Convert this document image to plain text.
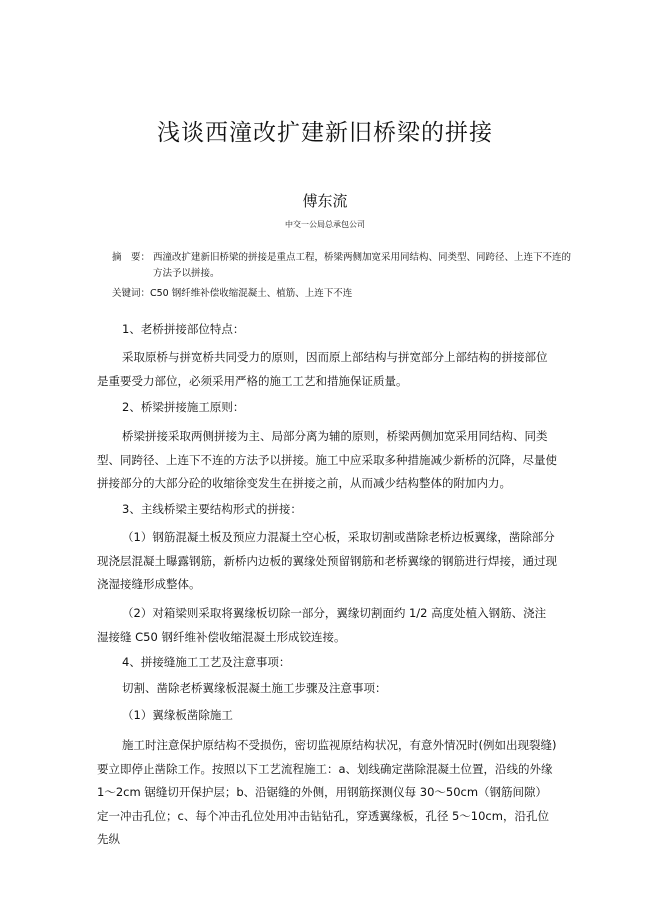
浅谈西潼改扩建新旧桥梁的拼接
傅东流
中交一公局总承包公司
摘　要： 西潼改扩建新旧桥梁的拼接是重点工程，桥梁两侧加宽采用同结构、同类型、同跨径、上连下不连的方法予以拼接。
关键词：C50 钢纤维补偿收缩混凝土、植筋、上连下不连
1、老桥拼接部位特点：

采取原桥与拼宽桥共同受力的原则，因而原上部结构与拼宽部分上部结构的拼接部位是重要受力部位，必须采用严格的施工工艺和措施保证质量。

2、桥梁拼接施工原则：

桥梁拼接采取两侧拼接为主、局部分离为辅的原则，桥梁两侧加宽采用同结构、同类型、同跨径、上连下不连的方法予以拼接。施工中应采取多种措施减少新桥的沉降，尽量使拼接部分的大部分砼的收缩徐变发生在拼接之前，从而减少结构整体的附加内力。

3、主线桥梁主要结构形式的拼接：

（1）钢筋混凝土板及预应力混凝土空心板，采取切割或凿除老桥边板翼缘，凿除部分现浇层混凝土曝露钢筋，新桥内边板的翼缘处预留钢筋和老桥翼缘的钢筋进行焊接，通过现浇湿接缝形成整体。

（2）对箱梁则采取将翼缘板切除一部分，翼缘切割面约 1/2 高度处植入钢筋、浇注湿接缝 C50 钢纤维补偿收缩混凝土形成铰连接。

4、拼接缝施工工艺及注意事项：
切割、凿除老桥翼缘板混凝土施工步骤及注意事项：
（1）翼缘板凿除施工

施工时注意保护原结构不受损伤，密切监视原结构状况，有意外情况时(例如出现裂缝)要立即停止凿除工作。按照以下工艺流程施工：a、划线确定凿除混凝土位置，沿线的外缘 1～2cm 锯缝切开保护层；b、沿锯缝的外侧，用钢筋探测仪每 30～50cm（钢筋间隙）定一冲击孔位；c、每个冲击孔位处用冲击钻钻孔，穿透翼缘板，孔径 5～10cm，沿孔位先纵
